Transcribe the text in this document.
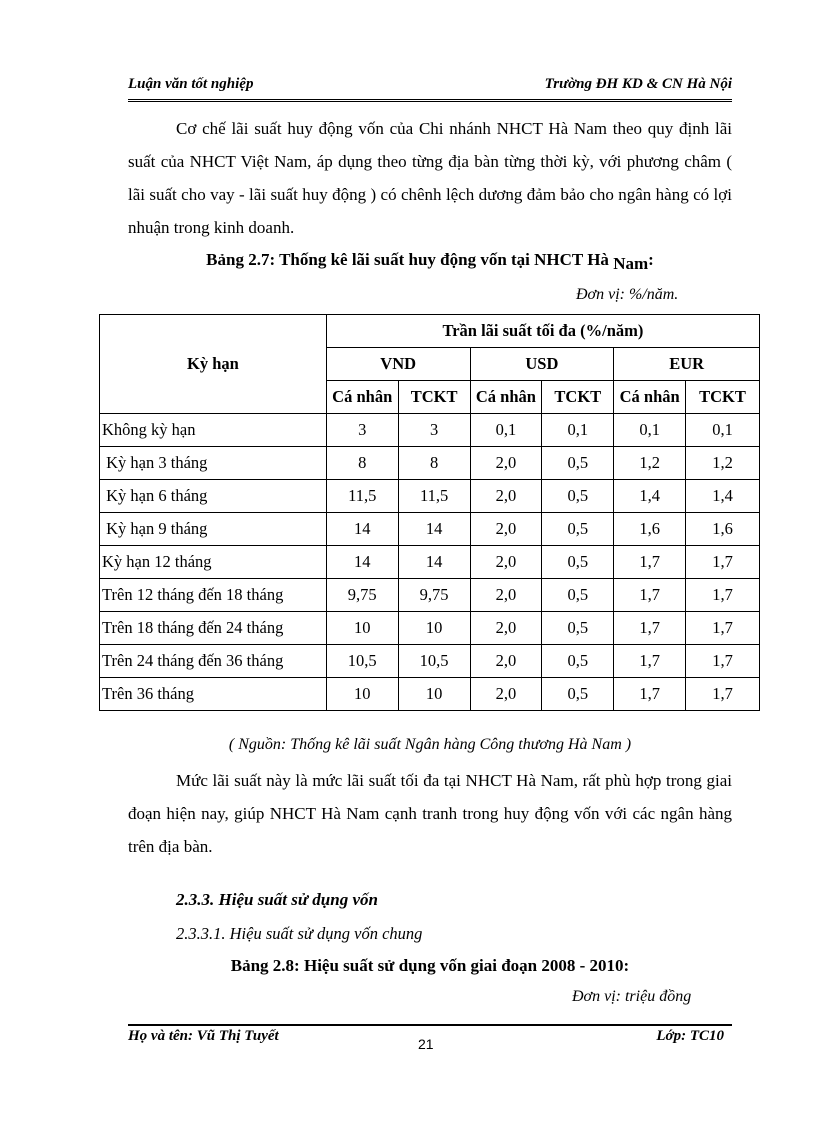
Luận văn tốt nghiệp	Trường ĐH KD & CN Hà Nội

Cơ chế lãi suất huy động vốn của Chi nhánh NHCT Hà Nam theo quy định lãi suất của NHCT Việt Nam, áp dụng theo từng địa bàn từng thời kỳ, với phương châm ( lãi suất cho vay - lãi suất huy động ) có chênh lệch dương đảm bảo cho ngân hàng có lợi nhuận trong kinh doanh.

Bảng 2.7: Thống kê lãi suất huy động vốn tại NHCT Hà Nam:
Đơn vị: %/năm.
Kỳ hạn	Trần lãi suất tối đa (%/năm)					
	VND		USD		EUR	
	Cá nhân	TCKT	Cá nhân	TCKT	Cá nhân	TCKT
Không kỳ hạn	3	3	0,1	0,1	0,1	0,1
Kỳ hạn 3 tháng	8	8	2,0	0,5	1,2	1,2
Kỳ hạn 6 tháng	11,5	11,5	2,0	0,5	1,4	1,4
Kỳ hạn 9 tháng	14	14	2,0	0,5	1,6	1,6
Kỳ hạn 12 tháng	14	14	2,0	0,5	1,7	1,7
Trên 12 tháng đến 18 tháng	9,75	9,75	2,0	0,5	1,7	1,7
Trên 18 tháng đến 24 tháng	10	10	2,0	0,5	1,7	1,7
Trên 24 tháng đến 36 tháng	10,5	10,5	2,0	0,5	1,7	1,7
Trên 36 tháng	10	10	2,0	0,5	1,7	1,7
( Nguồn: Thống kê lãi suất Ngân hàng Công thương Hà Nam )

Mức lãi suất này là mức lãi suất tối đa tại NHCT Hà Nam, rất phù hợp trong giai đoạn hiện nay, giúp NHCT Hà Nam cạnh tranh trong huy động vốn với các ngân hàng trên địa bàn.

2.3.3. Hiệu suất sử dụng vốn
2.3.3.1. Hiệu suất sử dụng vốn chung
Bảng 2.8: Hiệu suất sử dụng vốn giai đoạn 2008 - 2010:
Đơn vị: triệu đồng
Họ và tên: Vũ Thị Tuyết	21	Lớp: TC10
